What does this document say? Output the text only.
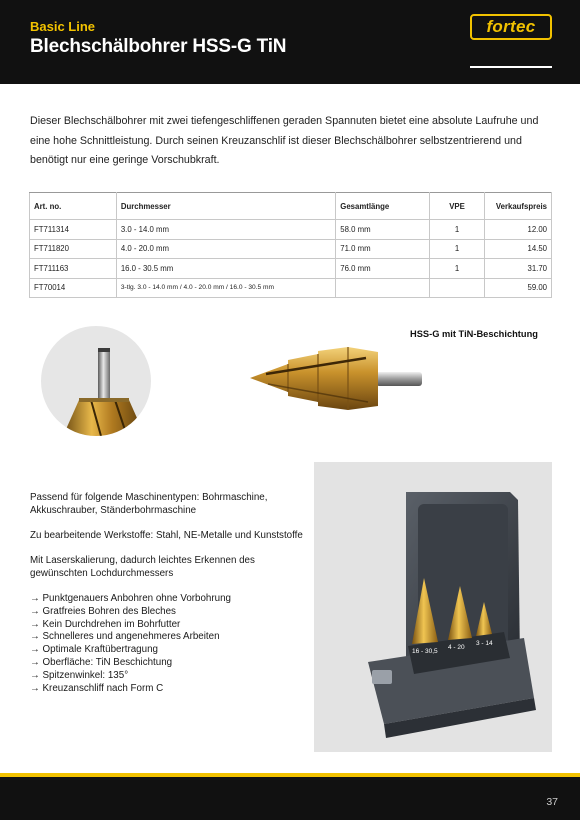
Basic Line
Blechschälbohrer HSS-G TiN
fortec
Dieser Blechschälbohrer mit zwei tiefengeschliffenen geraden Spannuten bietet eine absolute Laufruhe und eine hohe Schnittleistung. Durch seinen Kreuzanschlif ist dieser Blechschälbohrer selbstzentrierend und benötigt nur eine geringe Vorschubkraft.
Art. no.	Durchmesser	Gesamtlänge	VPE	Verkaufspreis
FT711314	3.0 - 14.0 mm	58.0 mm	1	12.00
FT711820	4.0 - 20.0 mm	71.0 mm	1	14.50
FT711163	16.0 - 30.5 mm	76.0 mm	1	31.70
FT70014	3-tlg. 3.0 - 14.0 mm / 4.0 - 20.0 mm / 16.0 - 30.5 mm			59.00
HSS-G mit TiN-Beschichtung
16 - 30,5
4 - 20
3 - 14

Passend für folgende Maschinentypen: Bohrmaschine, Akkuschrauber, Ständerbohrmaschine

Zu bearbeitende Werkstoffe: Stahl, NE-Metalle und Kunststoffe

Mit Laserskalierung, dadurch leichtes Erkennen des gewünschten Lochdurchmessers

→ Punktgenauers Anbohren ohne Vorbohrung
→ Gratfreies Bohren des Bleches
→ Kein Durchdrehen im Bohrfutter
→ Schnelleres und angenehmeres Arbeiten
→ Optimale Kraftübertragung
→ Oberfläche: TiN Beschichtung
→ Spitzenwinkel: 135°
→ Kreuzanschliff nach Form C
37
